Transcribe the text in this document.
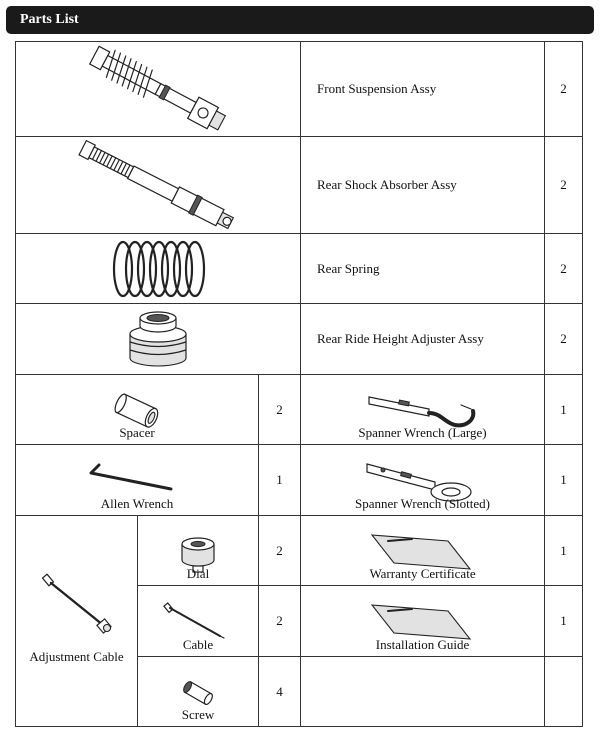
Parts List
	Front Suspension Assy	2

	Rear Shock Absorber Assy	2

	Rear Spring	2

	Rear Ride Height Adjuster Assy	2

Spacer		2	Spanner Wrench (Large)	1

Allen Wrench		1	Spanner Wrench (Slotted)	1

Adjustment Cable	Dial	2	Warranty Certificate	1

	Cable	2	Installation Guide	1

	Screw	4		
